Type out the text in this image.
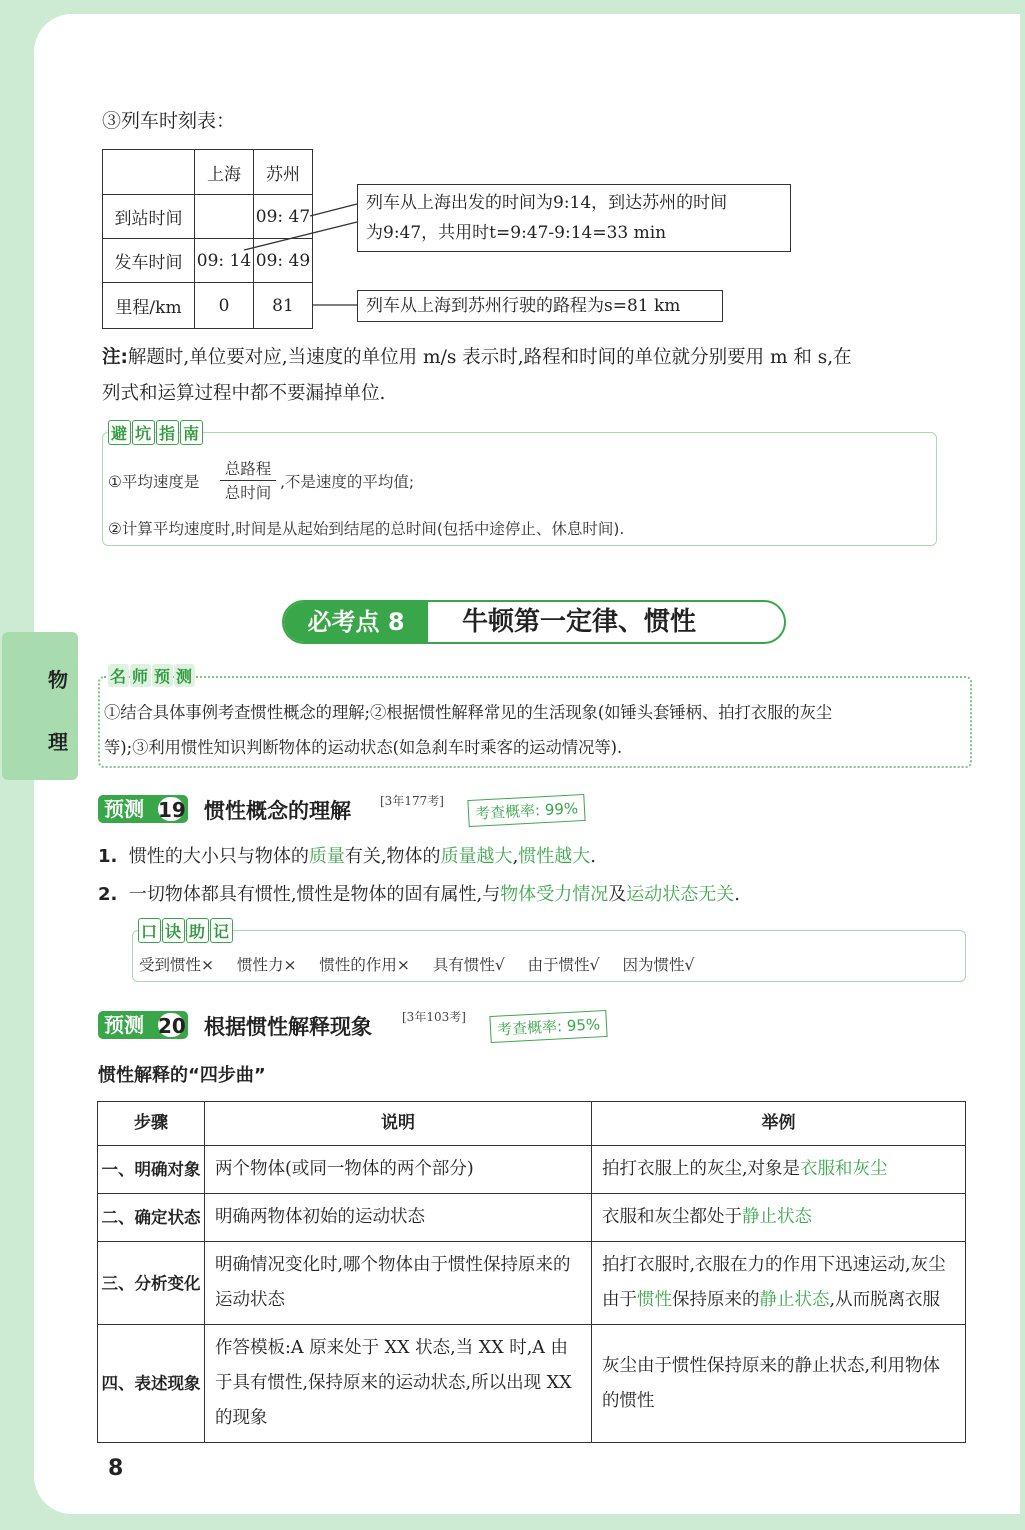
物
理
③列车时刻表：
	上海	苏州
到站时间		09: 47
发车时间	09: 14	09: 49
里程/km	0	81
列车从上海出发的时间为9:14，到达苏州的时间
为9:47，共用时t=9:47-9:14=33 min
列车从上海到苏州行驶的路程为s=81 km
注:解题时,单位要对应,当速度的单位用 m/s 表示时,路程和时间的单位就分别要用 m 和 s,在
列式和运算过程中都不要漏掉单位.
避 坑 指 南
①平均速度是
总路程
总时间
,不是速度的平均值;
②计算平均速度时,时间是从起始到结尾的总时间(包括中途停止、休息时间).
必考点 8	牛顿第一定律、惯性
名 师 预 测
①结合具体事例考查惯性概念的理解;②根据惯性解释常见的生活现象(如锤头套锤柄、拍打衣服的灰尘
等);③利用惯性知识判断物体的运动状态(如急刹车时乘客的运动情况等).
预测 19 惯性概念的理解 [3年177考]	考查概率: 99%
1. 惯性的大小只与物体的质量有关,物体的质量越大,惯性越大.
2. 一切物体都具有惯性,惯性是物体的固有属性,与物体受力情况及运动状态无关.
口 诀 助 记
受到惯性× 惯性力× 惯性的作用× 具有惯性√ 由于惯性√ 因为惯性√
预测 20 根据惯性解释现象	[3年103考]	考查概率: 95%
惯性解释的“四步曲”
步骤	说明	举例
一、明确对象	两个物体(或同一物体的两个部分)	拍打衣服上的灰尘,对象是衣服和灰尘
二、确定状态	明确两物体初始的运动状态	衣服和灰尘都处于静止状态
三、分析变化	明确情况变化时,哪个物体由于惯性保持原来的运动状态	拍打衣服时,衣服在力的作用下迅速运动,灰尘由于惯性保持原来的静止状态,从而脱离衣服
四、表述现象	作答模板:A 原来处于 XX 状态,当 XX 时,A 由于具有惯性,保持原来的运动状态,所以出现 XX 的现象	灰尘由于惯性保持原来的静止状态,利用物体的惯性
8
